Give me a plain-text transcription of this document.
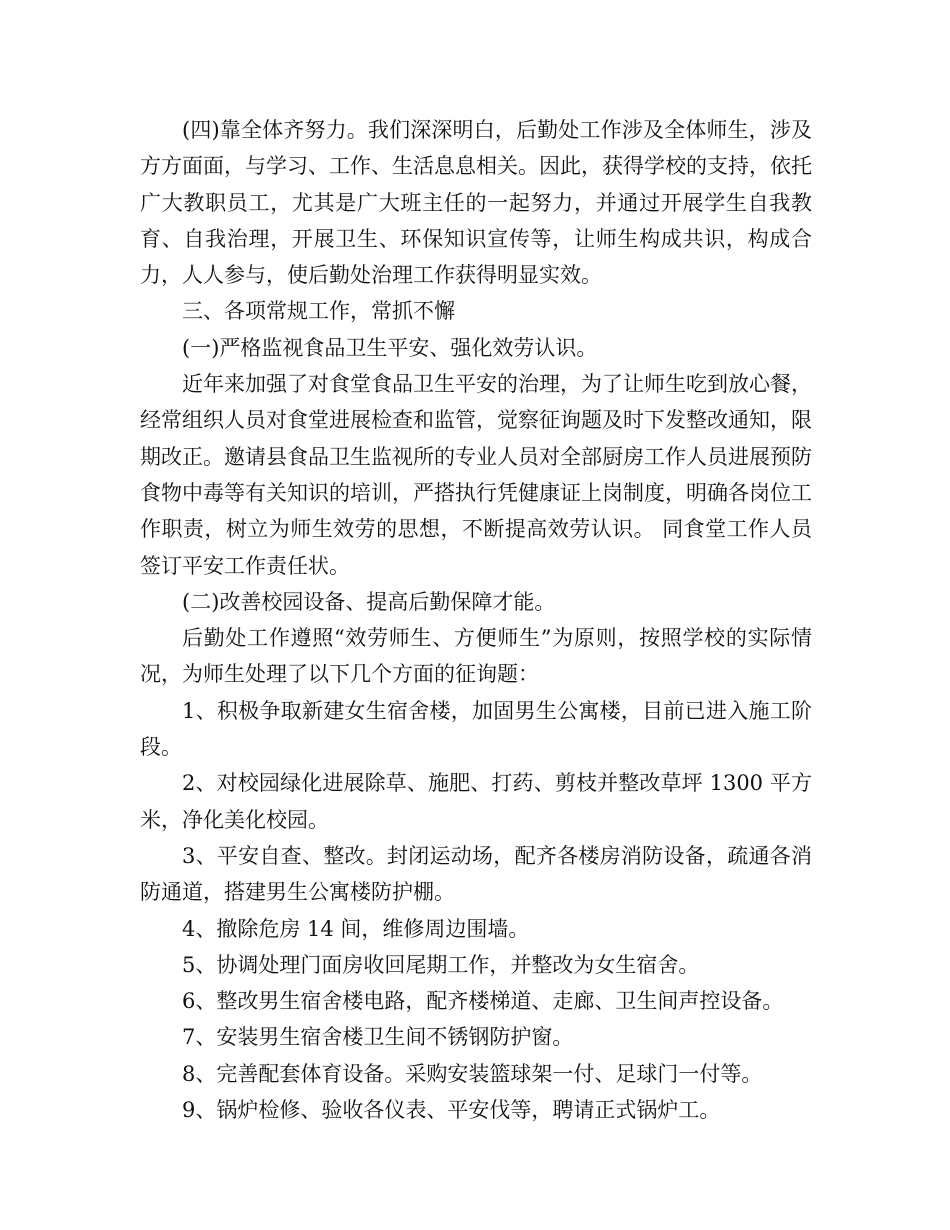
(四)靠全体齐努力。我们深深明白，后勤处工作涉及全体师生，涉及方方面面，与学习、工作、生活息息相关。因此，获得学校的支持，依托广大教职员工，尤其是广大班主任的一起努力，并通过开展学生自我教育、自我治理，开展卫生、环保知识宣传等，让师生构成共识，构成合力，人人参与，使后勤处治理工作获得明显实效。

三、各项常规工作，常抓不懈

(一)严格监视食品卫生平安、强化效劳认识。

近年来加强了对食堂食品卫生平安的治理，为了让师生吃到放心餐，经常组织人员对食堂进展检查和监管，觉察征询题及时下发整改通知，限期改正。邀请县食品卫生监视所的专业人员对全部厨房工作人员进展预防食物中毒等有关知识的培训，严搭执行凭健康证上岗制度，明确各岗位工作职责，树立为师生效劳的思想，不断提高效劳认识。 同食堂工作人员签订平安工作责任状。

(二)改善校园设备、提高后勤保障才能。

后勤处工作遵照“效劳师生、方便师生”为原则，按照学校的实际情况，为师生处理了以下几个方面的征询题：

1、积极争取新建女生宿舍楼，加固男生公寓楼，目前已进入施工阶段。

2、对校园绿化进展除草、施肥、打药、剪枝并整改草坪 1300 平方米，净化美化校园。

3、平安自查、整改。封闭运动场，配齐各楼房消防设备，疏通各消防通道，搭建男生公寓楼防护棚。

4、撤除危房 14 间，维修周边围墙。

5、协调处理门面房收回尾期工作，并整改为女生宿舍。

6、整改男生宿舍楼电路，配齐楼梯道、走廊、卫生间声控设备。

7、安装男生宿舍楼卫生间不锈钢防护窗。

8、完善配套体育设备。采购安装篮球架一付、足球门一付等。

9、锅炉检修、验收各仪表、平安伐等，聘请正式锅炉工。
